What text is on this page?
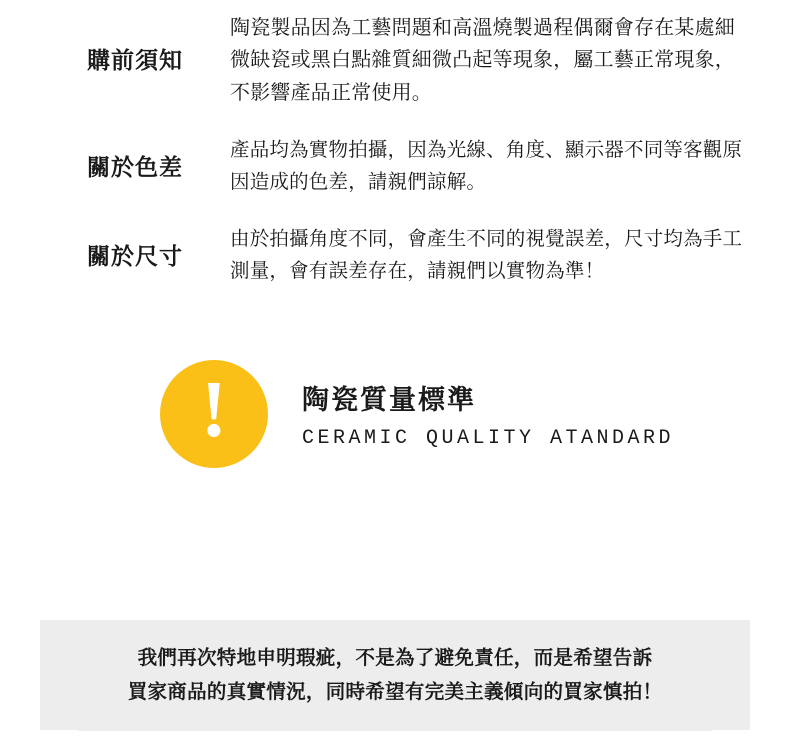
購前須知
陶瓷製品因為工藝問題和高溫燒製過程偶爾會存在某處細微缺瓷或黑白點雜質細微凸起等現象，屬工藝正常現象，不影響產品正常使用。
關於色差
產品均為實物拍攝，因為光線、角度、顯示器不同等客觀原因造成的色差，請親們諒解。
關於尺寸
由於拍攝角度不同，會產生不同的視覺誤差，尺寸均為手工測量，會有誤差存在，請親們以實物為準！
!	陶瓷質量標準
CERAMIC QUALITY ATANDARD
我們再次特地申明瑕疵，不是為了避免責任，而是希望告訴
買家商品的真實情況，同時希望有完美主義傾向的買家慎拍！
